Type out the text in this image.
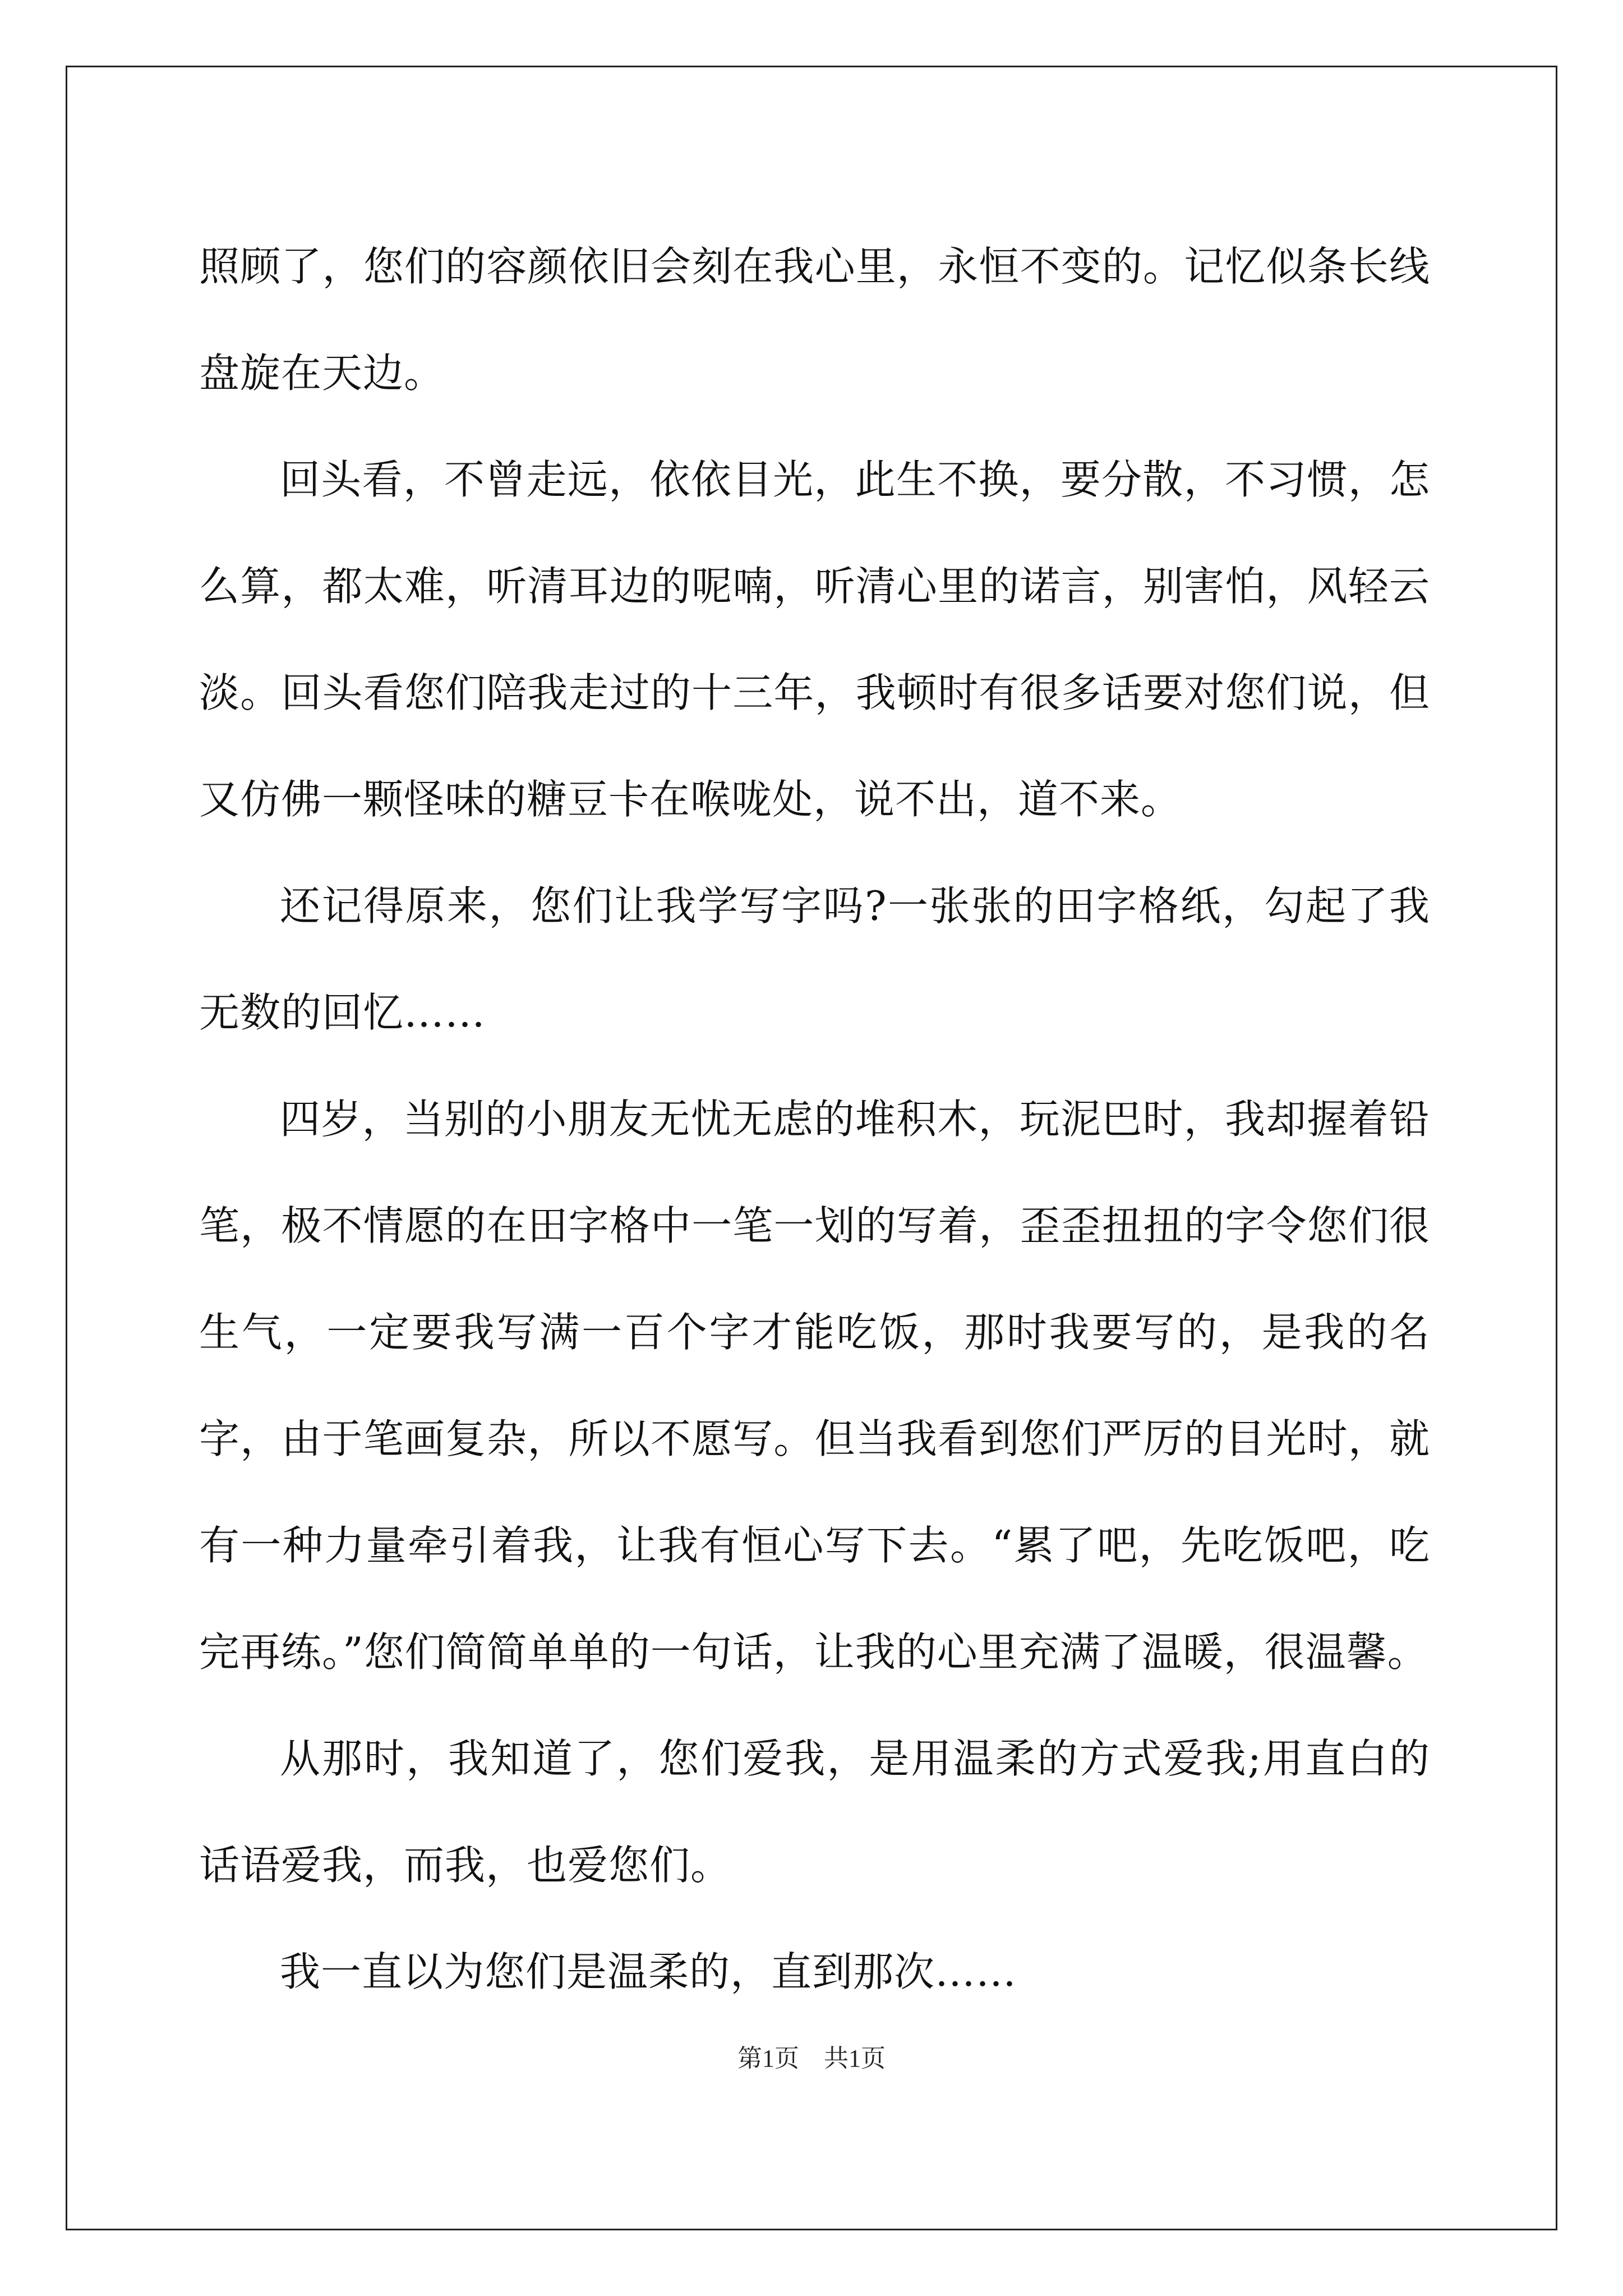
照顾了，您们的容颜依旧会刻在我心里，永恒不变的。记忆似条长线盘旋在天边。

回头看，不曾走远，依依目光，此生不换，要分散，不习惯，怎么算，都太难，听清耳边的呢喃，听清心里的诺言，别害怕，风轻云淡。回头看您们陪我走过的十三年，我顿时有很多话要对您们说，但又仿佛一颗怪味的糖豆卡在喉咙处，说不出，道不来。

还记得原来，您们让我学写字吗?一张张的田字格纸，勾起了我无数的回忆……

四岁，当别的小朋友无忧无虑的堆积木，玩泥巴时，我却握着铅笔，极不情愿的在田字格中一笔一划的写着，歪歪扭扭的字令您们很生气，一定要我写满一百个字才能吃饭，那时我要写的，是我的名字，由于笔画复杂，所以不愿写。但当我看到您们严厉的目光时，就有一种力量牵引着我，让我有恒心写下去。“累了吧，先吃饭吧，吃完再练。”您们简简单单的一句话，让我的心里充满了温暖，很温馨。

从那时，我知道了，您们爱我，是用温柔的方式爱我;用直白的话语爱我，而我，也爱您们。

我一直以为您们是温柔的，直到那次……

第1页　共1页
